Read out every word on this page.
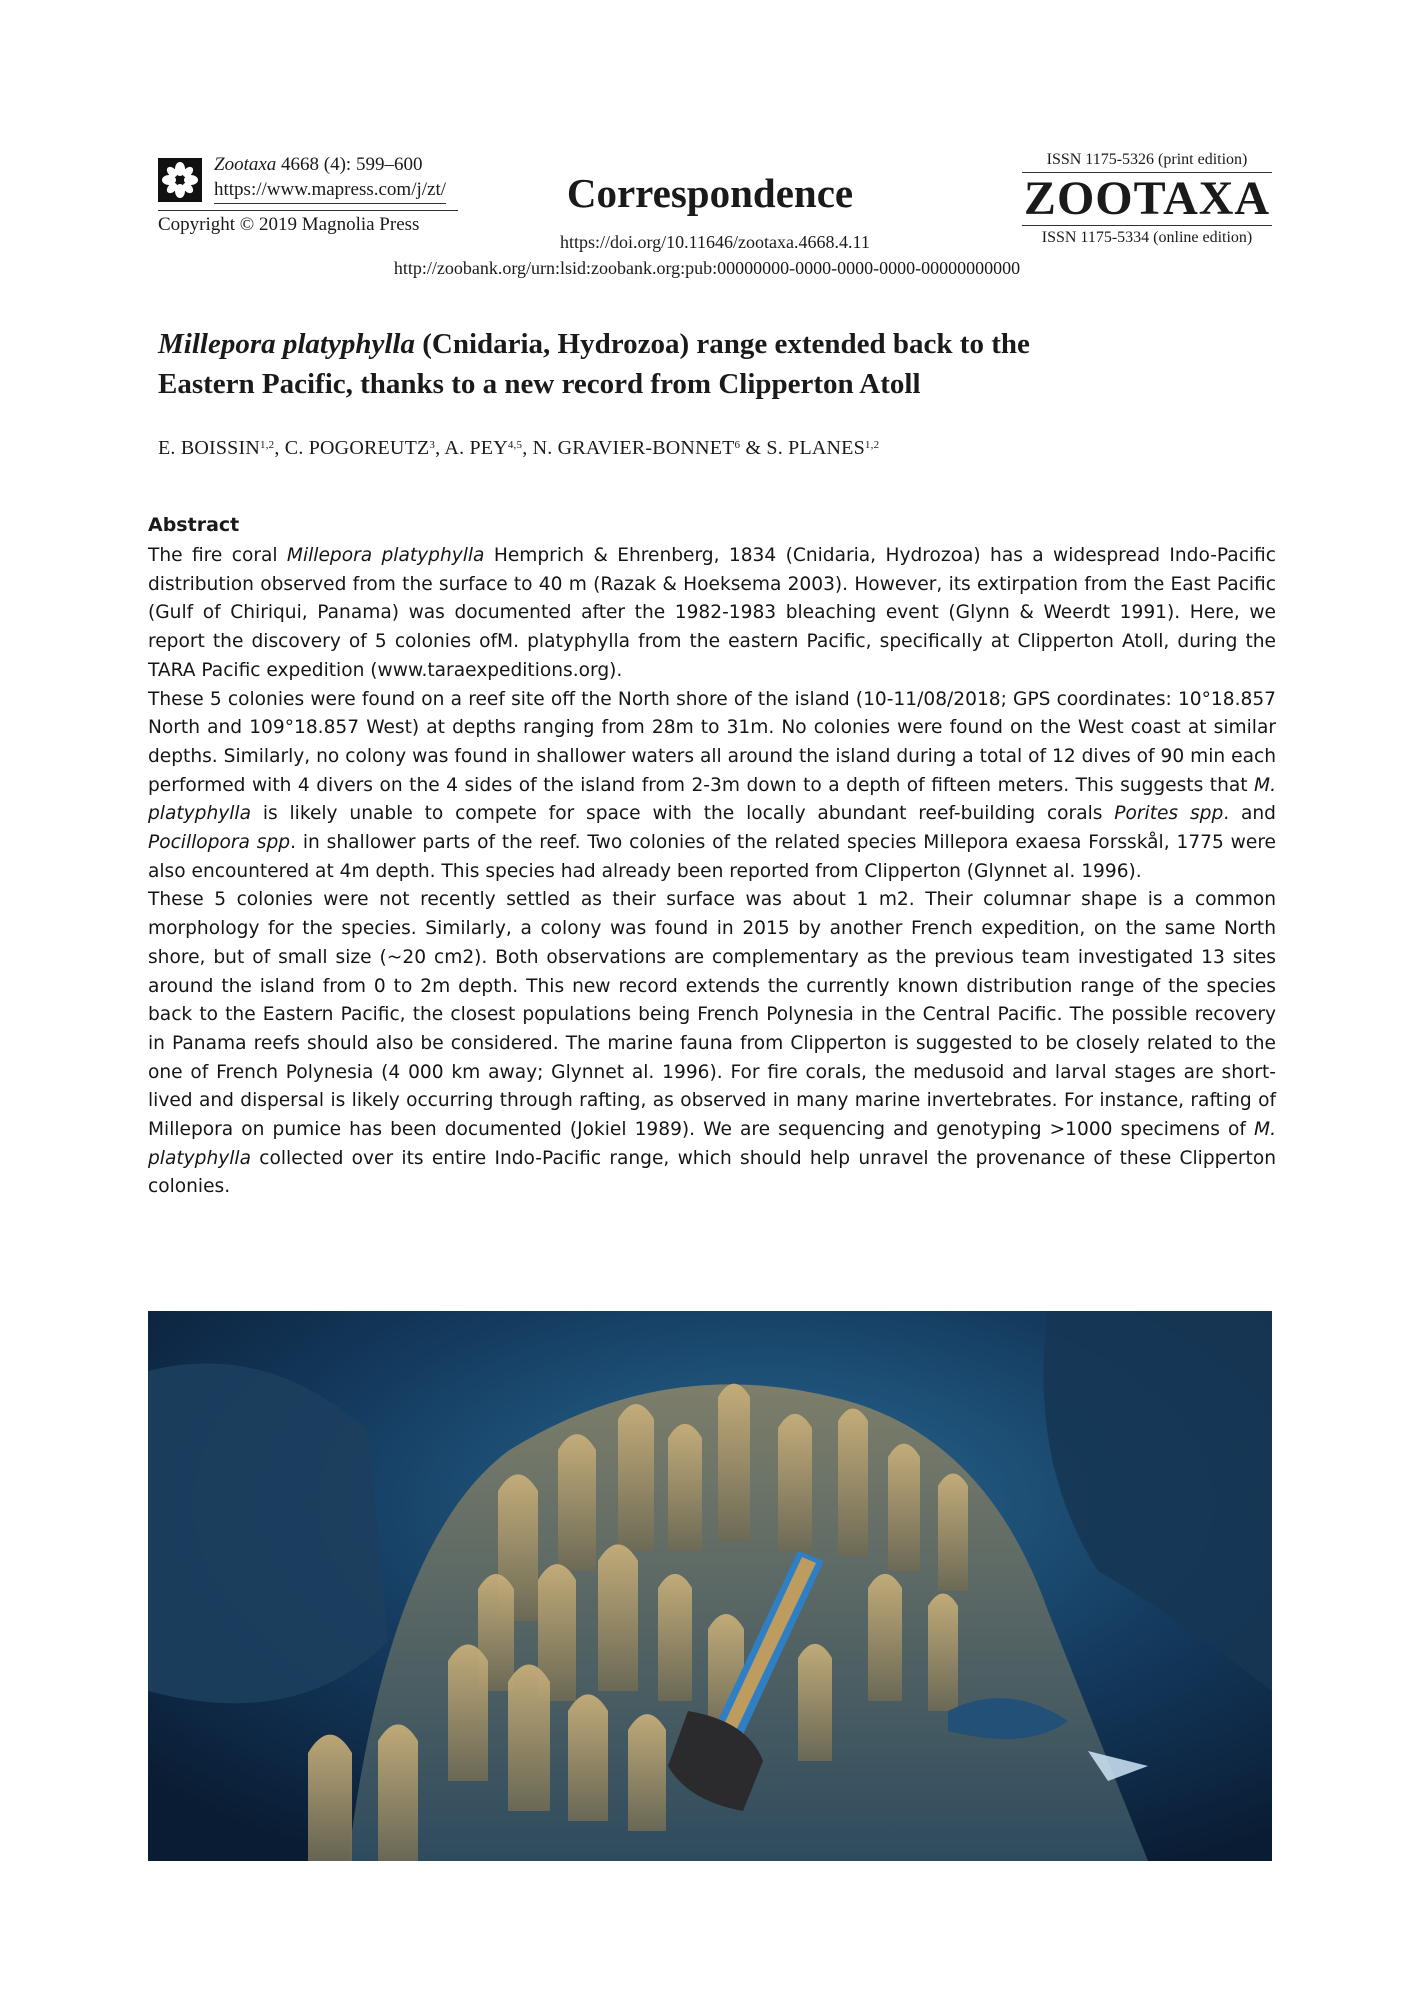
Zootaxa 4668 (4): 599–600
https://www.mapress.com/j/zt/
Copyright © 2019 Magnolia Press
Correspondence
https://doi.org/10.11646/zootaxa.4668.4.11
http://zoobank.org/urn:lsid:zoobank.org:pub:00000000-0000-0000-0000-00000000000
ISSN 1175-5326 (print edition)
ZOOTAXA
ISSN 1175-5334 (online edition)
Millepora platyphylla (Cnidaria, Hydrozoa) range extended back to the
Eastern Pacific, thanks to a new record from Clipperton Atoll
E. BOISSIN$^{1,2}$, C. POGOREUTZ$^3$, A. PEY$^{4,5}$, N. GRAVIER-BONNET$^6$ & S. PLANES$^{1,2}$
Abstract

The fire coral Millepora platyphylla Hemprich & Ehrenberg, 1834 (Cnidaria, Hydrozoa) has a widespread Indo-Pacific distribution observed from the surface to 40 m (Razak & Hoeksema 2003). However, its extirpation from the East Pacific (Gulf of Chiriqui, Panama) was documented after the 1982-1983 bleaching event (Glynn & Weerdt 1991). Here, we report the discovery of 5 colonies ofM. platyphylla from the eastern Pacific, specifically at Clipperton Atoll, during the TARA Pacific expedition (www.taraexpeditions.org).

These 5 colonies were found on a reef site off the North shore of the island (10-11/08/2018; GPS coordinates: 10°18.857 North and 109°18.857 West) at depths ranging from 28m to 31m. No colonies were found on the West coast at similar depths. Similarly, no colony was found in shallower waters all around the island during a total of 12 dives of 90 min each performed with 4 divers on the 4 sides of the island from 2-3m down to a depth of fifteen meters. This suggests that M. platyphylla is likely unable to compete for space with the locally abundant reef-building corals Porites spp. and Pocillopora spp. in shallower parts of the reef. Two colonies of the related species Millepora exaesa Forsskål, 1775 were also encountered at 4m depth. This species had already been reported from Clipperton (Glynnet al. 1996).

These 5 colonies were not recently settled as their surface was about 1 m2. Their columnar shape is a common morphology for the species. Similarly, a colony was found in 2015 by another French expedition, on the same North shore, but of small size (~20 cm2). Both observations are complementary as the previous team investigated 13 sites around the island from 0 to 2m depth. This new record extends the currently known distribution range of the species back to the Eastern Pacific, the closest populations being French Polynesia in the Central Pacific. The possible recovery in Panama reefs should also be considered. The marine fauna from Clipperton is suggested to be closely related to the one of French Polynesia (4 000 km away; Glynnet al. 1996). For fire corals, the medusoid and larval stages are short-lived and dispersal is likely occurring through rafting, as observed in many marine invertebrates. For instance, rafting of Millepora on pumice has been documented (Jokiel 1989). We are sequencing and genotyping >1000 specimens of M. platyphylla collected over its entire Indo-Pacific range, which should help unravel the provenance of these Clipperton colonies.
